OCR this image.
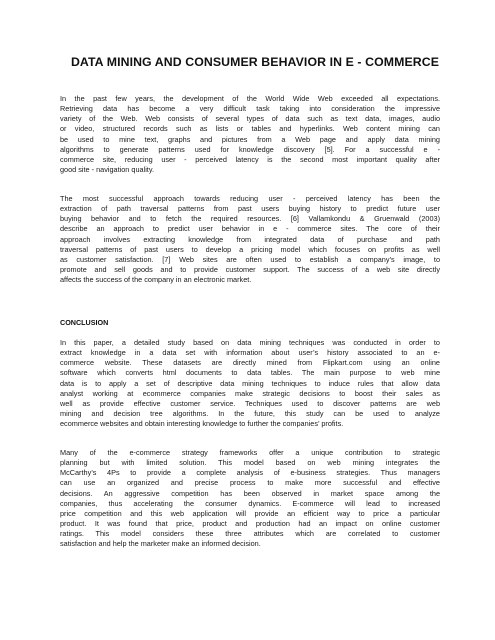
DATA MINING AND CONSUMER BEHAVIOR IN E - COMMERCE
In the past few years, the development of the World Wide Web exceeded all expectations.
Retrieving data has become a very difficult task taking into consideration the impressive
variety of the Web. Web consists of several types of data such as text data, images, audio
or video, structured records such as lists or tables and hyperlinks. Web content mining can
be used to mine text, graphs and pictures from a Web page and apply data mining
algorithms to generate patterns used for knowledge discovery [5]. For a successful e -
commerce site, reducing user - perceived latency is the second most important quality after
good site - navigation quality.
The most successful approach towards reducing user - perceived latency has been the
extraction of path traversal patterns from past users buying history to predict future user
buying behavior and to fetch the required resources. [6] Vallamkondu & Gruenwald (2003)
describe an approach to predict user behavior in e - commerce sites. The core of their
approach involves extracting knowledge from integrated data of purchase and path
traversal patterns of past users to develop a pricing model which focuses on profits as well
as customer satisfaction. [7] Web sites are often used to establish a company’s image, to
promote and sell goods and to provide customer support. The success of a web site directly
affects the success of the company in an electronic market.
CONCLUSION
In this paper, a detailed study based on data mining techniques was conducted in order to
extract knowledge in a data set with information about user’s history associated to an e-
commerce website. These datasets are directly mined from Flipkart.com using an online
software which converts html documents to data tables. The main purpose to web mine
data is to apply a set of descriptive data mining techniques to induce rules that allow data
analyst working at ecommerce companies make strategic decisions to boost their sales as
well as provide effective customer service. Techniques used to discover patterns are web
mining and decision tree algorithms. In the future, this study can be used to analyze
ecommerce websites and obtain interesting knowledge to further the companies’ profits.
Many of the e-commerce strategy frameworks offer a unique contribution to strategic
planning but with limited solution. This model based on web mining integrates the
McCarthy’s 4Ps to provide a complete analysis of e-business strategies. Thus managers
can use an organized and precise process to make more successful and effective
decisions. An aggressive competition has been observed in market space among the
companies, thus accelerating the consumer dynamics. E-commerce will lead to increased
price competition and this web application will provide an efficient way to price a particular
product. It was found that price, product and production had an impact on online customer
ratings. This model considers these three attributes which are correlated to customer
satisfaction and help the marketer make an informed decision.
